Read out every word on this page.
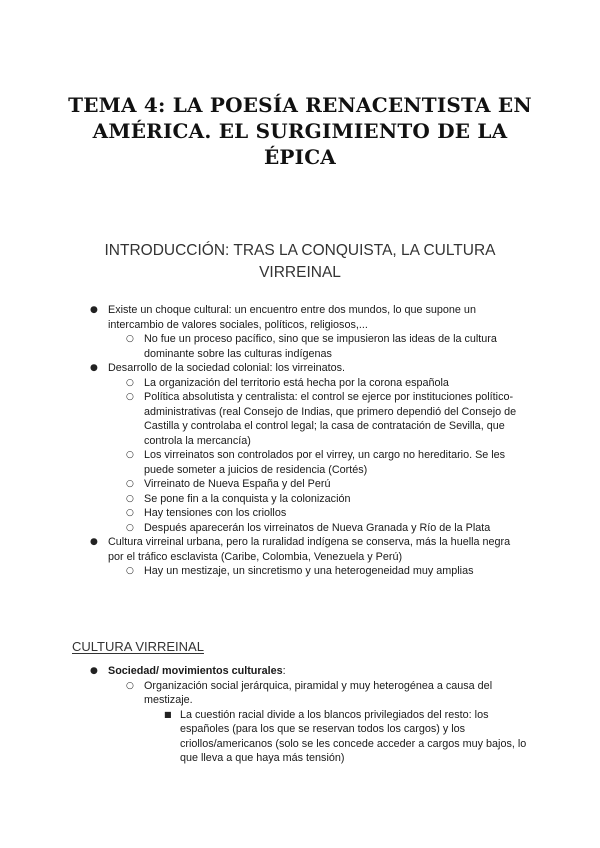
TEMA 4: LA POESÍA RENACENTISTA EN AMÉRICA. EL SURGIMIENTO DE LA ÉPICA
INTRODUCCIÓN: TRAS LA CONQUISTA, LA CULTURA VIRREINAL
● Existe un choque cultural: un encuentro entre dos mundos, lo que supone un intercambio de valores sociales, políticos, religiosos,...
○ No fue un proceso pacífico, sino que se impusieron las ideas de la cultura dominante sobre las culturas indígenas
● Desarrollo de la sociedad colonial: los virreinatos.
○ La organización del territorio está hecha por la corona española
○ Política absolutista y centralista: el control se ejerce por instituciones político-administrativas (real Consejo de Indias, que primero dependió del Consejo de Castilla y controlaba el control legal; la casa de contratación de Sevilla, que controla la mercancía)
○ Los virreinatos son controlados por el virrey, un cargo no hereditario. Se les puede someter a juicios de residencia (Cortés)
○ Virreinato de Nueva España y del Perú
○ Se pone fin a la conquista y la colonización
○ Hay tensiones con los criollos
○ Después aparecerán los virreinatos de Nueva Granada y Río de la Plata
● Cultura virreinal urbana, pero la ruralidad indígena se conserva, más la huella negra por el tráfico esclavista (Caribe, Colombia, Venezuela y Perú)
○ Hay un mestizaje, un sincretismo y una heterogeneidad muy amplias
CULTURA VIRREINAL
● Sociedad/ movimientos culturales:
○ Organización social jerárquica, piramidal y muy heterogénea a causa del mestizaje.
■ La cuestión racial divide a los blancos privilegiados del resto: los españoles (para los que se reservan todos los cargos) y los criollos/americanos (solo se les concede acceder a cargos muy bajos, lo que lleva a que haya más tensión)
